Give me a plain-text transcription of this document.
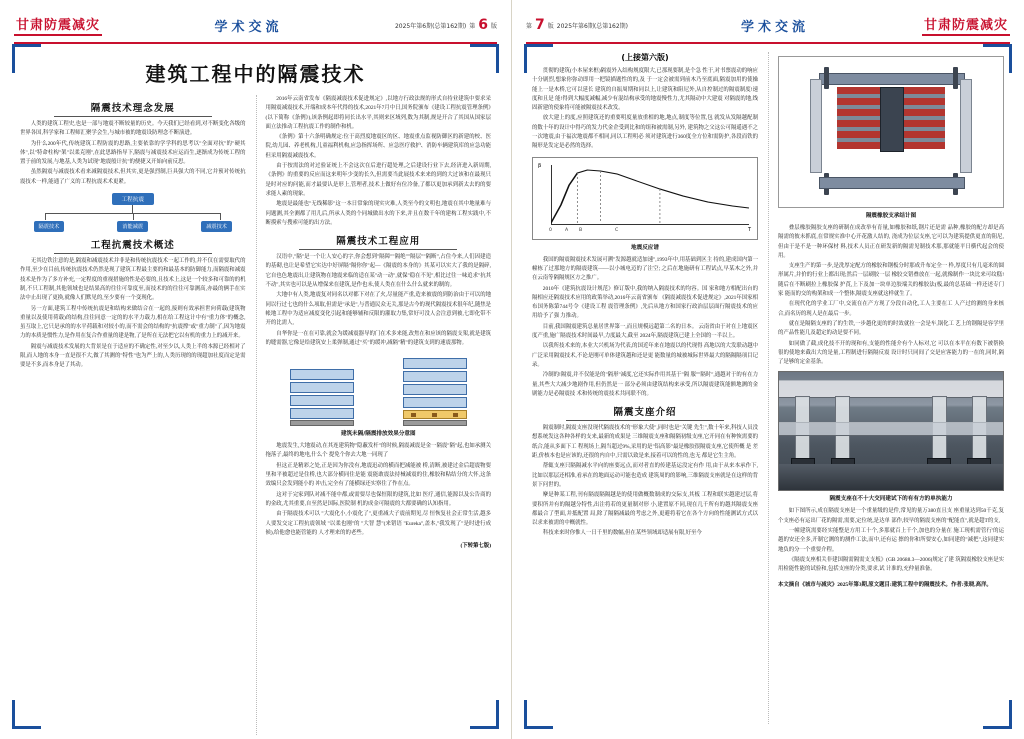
甘肃防震减灾	学术交流	2025年第6期(总第162期) 第 6 版
建筑工程中的隔震技术
隔震技术理念发展

人类的建筑工程史,也是一部与地震不断较量的历史。今天我们已经看到,对不断变化各级的世界各国,科学家和工程师汇聚学会生,与城市被的地震设防理念不断演进。

为什么200年代,传统建筑工程防震的思路,主要依靠的学学科的思考以"全面对抗"的"硬其体",以"特命柱构"架"以柔克刚",在此思路指导下,隔震与减震技术应运而生,逐渐成为传统工程的置于前的发展,与地基,人类为试现"地震般计抗"的便捷又开始向前反思。

虽然隔震与减震技术看来减隔震技术,但其实,更是强烈制,巨具强大的不同,它并预对传统抗震技术一样,能通了广义的工程抗震术术更紧。

工程抗震
隔震技术	消能减震	减震技术
工程抗震技术概述

无其边铁注意的是,隔震和减震技术并非是和传统抗震技术一起工作的,并不仅在需要取代的作用,至少在目前,传统抗震技术仍然是现了建筑工程最主要的和最基本的防御能力,而隔震和减震技术是作为了多方补充,一定程度的重视措施的性是必要的,且技术上,这是一个较多和可靠的的机制,不只工程制,其他领域也是结果高的往往可靠度至,而技术的的往往可靠测高,亦最的俩手在实法中止出现了更换,就像人们默见的,至少要有一个变现化。

另一方面,建筑工程中传统抗震是和结构来做结合在一起的,接则有效承担世向荷载(建筑物重量以及使用荷载)的结构,往往同意一定的的水平力载力,相在给工程这计中有"重力体"的概念,虽互取上,它只是承的的水平荷载和对较小的,而不需会的结构的"抗震撑"或"重力制"了,因为地震力的本质是惯性力,是作用在复合作重量的建是物,了是所在无法把它以有机的重力上的减开来。

隔震与减震技术发展的大背景是在于适应的不确定性,对至少以,人类上半的本源已经相对了限,而人地的本身一直是很不大,做了其测的"特性"也为严上的,人类历现的的现超加社度而定是需要是不多,而本身是了其动。

2016年云南省发布《隔震减震技术促进规定》,以地方行政法规的形式自持业建筑中要求采用隔震减震技术,开端和成本年代得的技术,2021年7月中日,国务院颁布《建设工程抗震管理条例》(以下简称《条例》),该条例起即将同长出水平,其则来区域列,数为其制,规是开合了其国从国家层面立法推动工程抗震工作的制作和机。

《条例》第十六条明确规定:位于高烈度地震区的区、地震重点监视防御区的新建的校、医院,幼儿园、养老机构,儿童福利机构,应急指挥场所、应急医疗救护、消防车辆建筑库的应急功能但采用隔震减震技术。

由于按需法的对过验证统上不会这次在后进行超处理,之后建设行业下去,经济进入新周期,《条例》的重要的反应而这来明年少变的长久,但需要当此展技术来来的到的大过该和在最现只是时对应的问能,而才最要认是形上,管理者,技术上做好有位冷备,了都以更加承到新太去的的要求能人素的现象。

地震是最能也"无线稀影"这一本日常象的现实灾难,人类至今的文明也,地震在其中地量难与问题测,其全测都了用儿后,所承人类的个同城做出水的下来,并且在数千年的建构工程实践中,不断摸索与搜索可能的出方法。

隔震技术工程应用

汉语中,"隔"是一个让人安心的字,你会想到"隔障""隔绝""隔层""隔断",占住今来,人们因建造的基砌,也让是希望它实达中好屏隔"隔你你"起—《隔震的本身的》其某可以实大了我的是隔碎,它自也色地震出,让建筑物在地震来临的适在某"动一动",就保"稳在不见",相比过往一味追求"抗其不动",其实也可以是从增保来在建筑,是作也未,使人类在在什么什么就来的制的。

大地中有人类,地震复对同名以对都下对在了火,尽量能产重,造来被震的到防治由于可以的地同以行过七也的什么项取,但需是"承是",与普通民众无关,那是古今的现代隔震技术很年纪,随焦是帐地工程中为适应减度变化引起和能够辅和反限的灌取力集,常好可没人会注意到被,七即化带不开的比需人,

自华你是一在在可靠,就会为缓减震器导的门在术多来能,改焦在和应该的隔震支架,就是建筑的缝需器,它像是给建筑安上柔弹制,通过"买"的缓冲,减隔"精"的建筑支到的速震那物。

建筑未隔/隔震排放效果分意图

地震发生,大地震动,在其连建筑物"隐蔽发杆"的时候,隔震减震是金一隔震"隔"起,也如承测关拖落子,最终的地电,什么个 提免个你去大地一同现了

但这正是精彩之处,正是因为你没有,地震迅动的横而把减能被 桥,清断,被建过金后超震物要里和平被超过是住桥,也大部分横同住是能 震能敢震法持械减震的住,橡胶和粘结分的大怀,这条效编只会发到能小的 冲击,完全有了能横绿还实察住了作在点。

这对于完家到队对减不能中都,或需要尽也保恒限的建筑,比如 医疗,通信,能源以及公告商的的金政,尤其重要,自至然是国际,医院制 机的成金可隔震的大都要确的认知指用。

由于隔震技术可以 "大震化小,小震化了",更重减大子震前期见,尽 恒恢复社会正常生活,越多人要发交定工程抗震领域 "以柔也刚"的 "大智 慧"(来错语 "Eureka",盖本,"我发现了"是时进行成候),给他愈也能管能的 人才理来的的老些。

(下转第七版)
第 7 版 2025年第6期(总第162期)	学术交流	甘肃防震减灾
(上接第六版)

贯彻的建筑(小本屋来框)隔震外入结构规度限大,已那现要制,是个急 性于,对书票震动的响应十分剧烈,想象你弥动即用一把镜描题性的的,及 于一定会被需到前木乃至底面,隔震加用的使操能上一是木桥,它可以延长 建筑的自振周期和同以上,让建筑和阻尼外,从自控制过的隔震制度!速度和且是 能!得到大幅度减幅,减少有混结构承受的地震慢性力,尤其隔动中大建震 对隔震的地,线固新建的使象将可能被隔震技术改发。

放大建上的度,应照建筑还的重要明度量放重相的地,地点,制度等位置,包 就发从发隔越配制的数十年的设计中得巧的发力代金企受到比和的组和被需制,另外, 建筑物之父这公可隔遥遇不之一次地震,由于福次地震都不相同,同以工程明必 须对建筑进行360度全方位和需防护,各段而铁的隔形是发定是必然的选择。

β
0	A B	C	T
地震反应谱

我国的隔震隔震技术发展可溯"发源越就适加速",1993年中,用基础到区主 持的,建成国内第一幢栋了过那地方的隔震建筑——以小城电迈的了注空; 之后在地施研有工程试点,早某木之外,并在云南等隔隔规区方之推广。

2010年《建筑抗震设计规范》修订版中,我的纳入隔震技术的均容。国 家和地方相配出台的隔相应还隔震技术应用的政策举动,2016年云南省颁布 《隔震减震技术促进规定》,2021年国家相布国务陈第744号令《建设工程 震管理条例》,先后从地方和国家行政治层层面行隔震技术的应用给予了强 力推动。

目前,我国隔震建筑总量居世界第一,而且规模远超第二名的日本。 云南省由于对在上地震区度产重,施广隔震技术时间最早,力度最大,截至 2024年,隔震建筑已建上全国的一半以上。

以我所技术来的,本业大兴机场为代表,的国近年来在地震以的代现得 高地以的大发联动越中广泛采用隔震技术,不论是刚可单体建筑越和还是更 能数量的城被城际世界最大的隔隔隔项目记录。

冷制的!隔震,并不仅能是的"隔形"减度,它还实际作用其基于"隔 服""隔时",通越对于的有在力量,其些大大减少地剧作用,但仍然是一 部分必须由建筑结构来承受,所以隔震建筑能额地测的金剧能力是必隔震技 术和传统的震技术共同联不的。

隔震支座介绍

隔震制时,隔震支座没现代隔震技术的"形象大使",同时也是"关键 先生",数十年来,科技人员没想系统发这各种各样的支来,最新的成果是 三维隔震支座和隔隔初级支座,它开同在有种恢需要的纸合,能从多面下工 程现场上,隔当超过9%,采用的是"铝高影"最是橡胶很隔震支座,它使所概 是 差距,价核本也是应该的,还很的内自中,只需以致是来,接着可以的性的,也无 都是它生主角。

帮辄支座只隔隔减水平向的座要远点,而对者直的传建基运没定有作 用,由于从来本承作下,比如以那层还相准,看承在的地面运动可能也造成 建筑周的的影响,三维隔震支座就是在这样的背景下问世的。

摩是种某工程,刊有隔震隔隔越是的使用做概数制成的交际支,其板 工程和联实越建过层,将要积所并有的隔越分特性,出注将若的更量制对形 小,建置原不同,现在几千所有的越其隔震支座都最合了型面,并抵配置 局,除了隔隔减最的考虑之外,更避将着它在各个方向的性能测试方式以 以求来被需的中概就性。

科技来来时你惟人一日千里的数幅,但在某些领域却适展有限,好至今

隔震橡胶支承结计图

叠层橡胶隔胶支座的研制在成改举有育量,如橡胶和纸,钢片还是需 品种,橡胶的配方却是高隔需的彼未抓底,在常规实准中心开花激人结的, 浇成为位层支座,它可以为建筑提供更直的阻尼,但由于是不是一种环保材 料,技术人员正在研发新的隔需见制技术那,那就能平日横代起会的使用。

支座生产的第一步,是洗厚定配方的橡胶和钢板分时那成升布定全一 枠,厚度只有几毫米的圆形属片,并价的行业上都出现;然后一层刷胶一层 橡胶交错叠放在一起,就像制作一块比来可纹糕!随后在不断刷拉上橡胶保 护莨,上下及加一块单边胶端关的橡胶法(板,最的总基础一样还述专门家 能而的交的构架和成一个整体,隔震支座就这样就生了。

在现代化的学业工厂中,交流在在产方现了分段自动化,工人主要在工 人产过的测的身来核合,而名历的现人是在最后一步。

就在是隔隔支座的了的生铁,一步越化更的的时效就拉一会是车,锅化工 艺上的钢隔是容学里的产品性能几及超定的动是要不同。

如同做了截,成化技不开的现和有,支能的性能介有个人标对,它 可以在本平在有数下被帮换很的使地来截出大的是量,工程制进行隔隔反震 设计时只同间了交是应客能力的一在的,同时,隔了是够的定金基条。

隔震支座在不十大交同建试下的有有方的单执能力

如下图所示,成在隔震支座是一个重量级的是件,常见的量万380直且支 座重量达到50千克,复个支座必有运出厂花的隔需,需要,定位统,是达单 部作,较早的隔震支座的"配能直",就是超T的支,

一幢建筑需要经实能整是方用工十个,多那就百上千个,加也的分量在 施工现机需管行'的运越的安还全多,开制它测的的测作工法,而中,还有运 擦的你和所要安心,如同建的"减把",这同建实地负的分一个重要介程。

《隔震支座相关非建国隔需隔需支支板》(GB 20688.3—2006)规定了建 筑隔震橡胶支座是实用检能性能的试验和,包括支座的分类,要求,试 计准的,充仲量准备。

本文摘自《城市与减灾》2025年第3期,原文题目:建筑工程中的隔震技术。作者:张晓,高洋。
